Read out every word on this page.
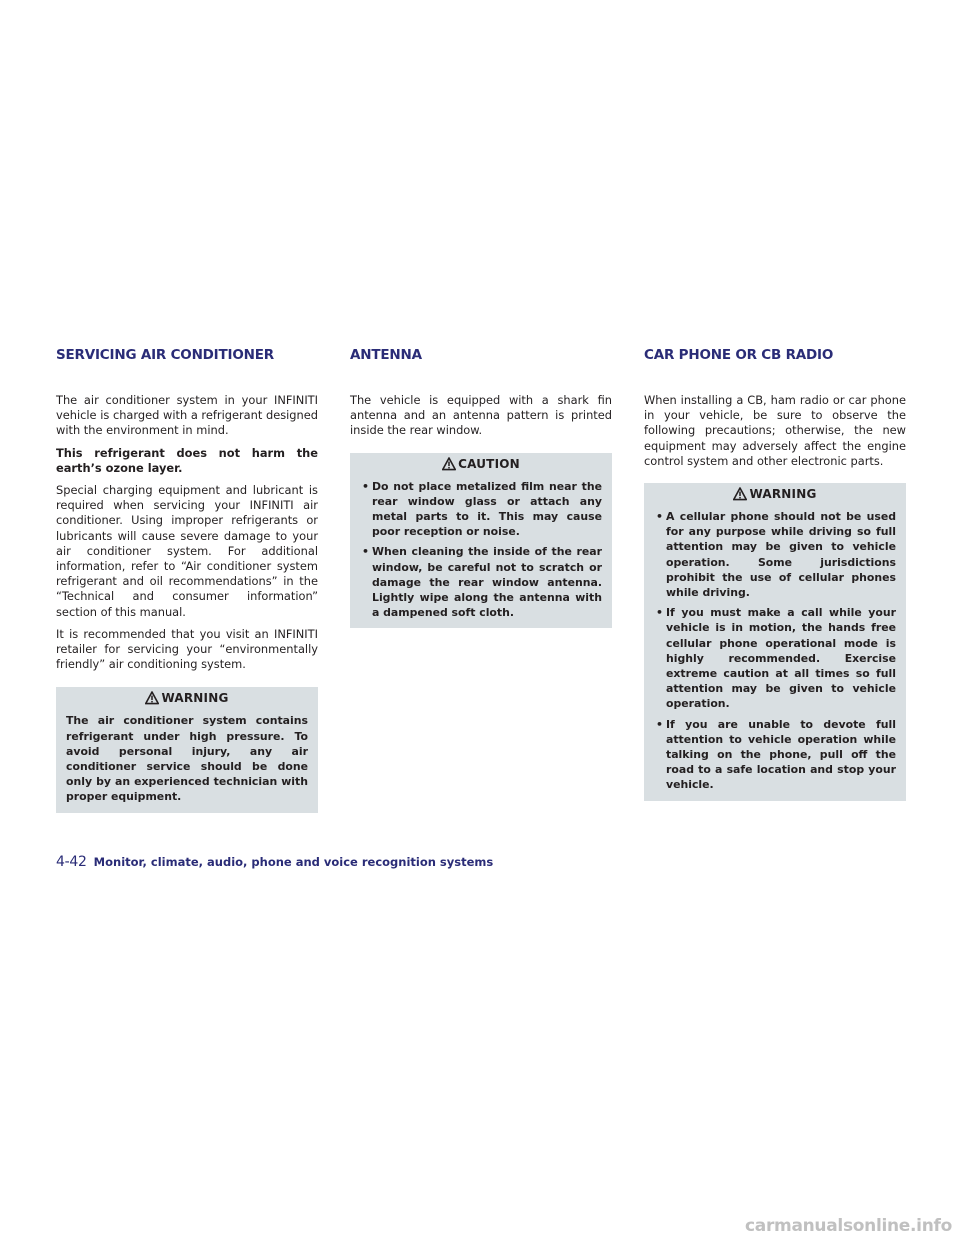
SERVICING AIR CONDITIONER

The air conditioner system in your INFINITI vehicle is charged with a refrigerant designed with the environment in mind.

This refrigerant does not harm the earth’s ozone layer.

Special charging equipment and lubricant is required when servicing your INFINITI air conditioner. Using improper refrigerants or lubricants will cause severe damage to your air conditioner system. For additional information, refer to “Air conditioner system refrigerant and oil recommendations” in the “Technical and consumer information” section of this manual.

It is recommended that you visit an INFINITI retailer for servicing your “environmentally friendly” air conditioning system.

WARNING

The air conditioner system contains refrigerant under high pressure. To avoid personal injury, any air conditioner service should be done only by an experienced technician with proper equipment.

ANTENNA

The vehicle is equipped with a shark fin antenna and an antenna pattern is printed inside the rear window.

CAUTION
• Do not place metalized film near the rear window glass or attach any metal parts to it. This may cause poor reception or noise.
• When cleaning the inside of the rear window, be careful not to scratch or damage the rear window antenna. Lightly wipe along the antenna with a dampened soft cloth.
CAR PHONE OR CB RADIO

When installing a CB, ham radio or car phone in your vehicle, be sure to observe the following precautions; otherwise, the new equipment may adversely affect the engine control system and other electronic parts.

WARNING
• A cellular phone should not be used for any purpose while driving so full attention may be given to vehicle operation. Some jurisdictions prohibit the use of cellular phones while driving.
• If you must make a call while your vehicle is in motion, the hands free cellular phone operational mode is highly recommended. Exercise extreme caution at all times so full attention may be given to vehicle operation.
• If you are unable to devote full attention to vehicle operation while talking on the phone, pull off the road to a safe location and stop your vehicle.
4-42 Monitor, climate, audio, phone and voice recognition systems
carmanualsonline.info
